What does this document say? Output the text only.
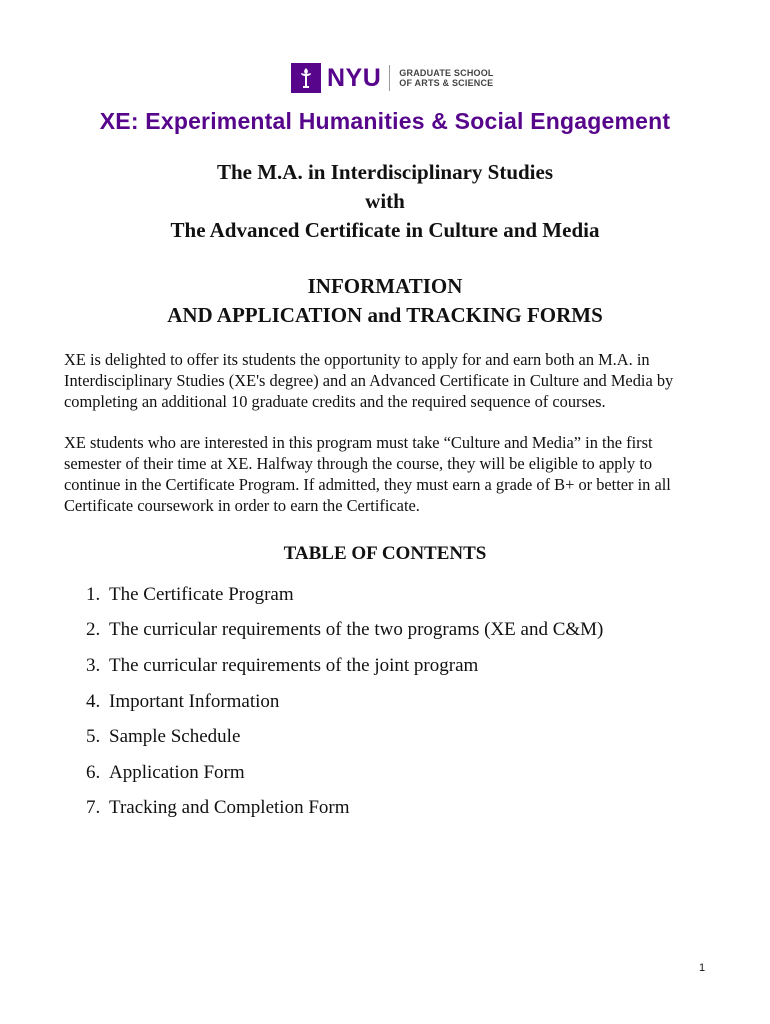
NYU GRADUATE SCHOOL
OF ARTS & SCIENCE
XE: Experimental Humanities & Social Engagement
The M.A. in Interdisciplinary Studies
with
The Advanced Certificate in Culture and Media
INFORMATION
AND APPLICATION and TRACKING FORMS

XE is delighted to offer its students the opportunity to apply for and earn both an M.A. in Interdisciplinary Studies (XE's degree) and an Advanced Certificate in Culture and Media by completing an additional 10 graduate credits and the required sequence of courses.

XE students who are interested in this program must take “Culture and Media” in the first semester of their time at XE. Halfway through the course, they will be eligible to apply to continue in the Certificate Program. If admitted, they must earn a grade of B+ or better in all Certificate coursework in order to earn the Certificate.

TABLE OF CONTENTS
1. The Certificate Program
2. The curricular requirements of the two programs (XE and C&M)
3. The curricular requirements of the joint program
4. Important Information
5. Sample Schedule
6. Application Form
7. Tracking and Completion Form
1
